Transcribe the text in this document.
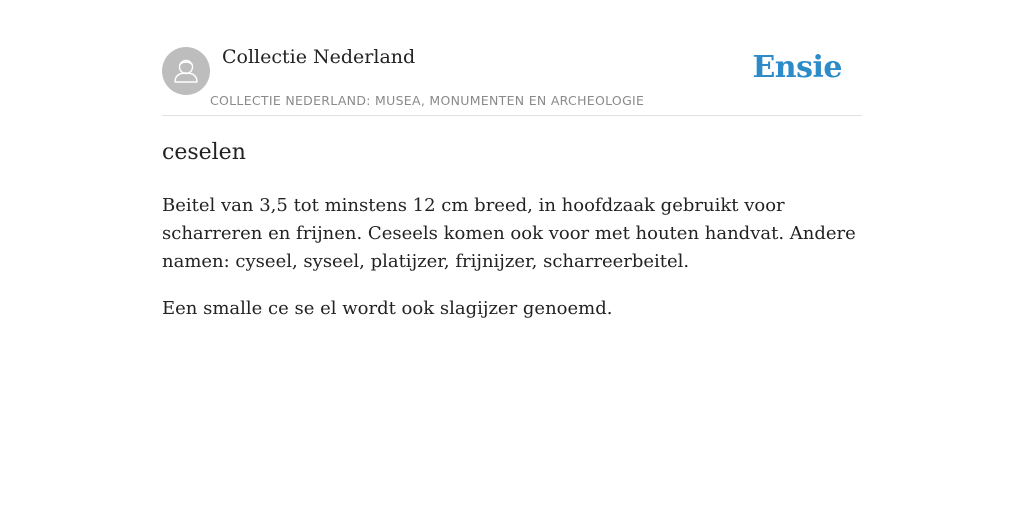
Collectie Nederland
COLLECTIE NEDERLAND: MUSEA, MONUMENTEN EN ARCHEOLOGIE
Ensie
ceselen

Beitel van 3,5 tot minstens 12 cm breed, in hoofdzaak gebruikt voor scharreren en frijnen. Ceseels komen ook voor met houten handvat. Andere namen: cyseel, syseel, platijzer, frijnijzer, scharreerbeitel.

Een smalle ce se el wordt ook slagijzer genoemd.
